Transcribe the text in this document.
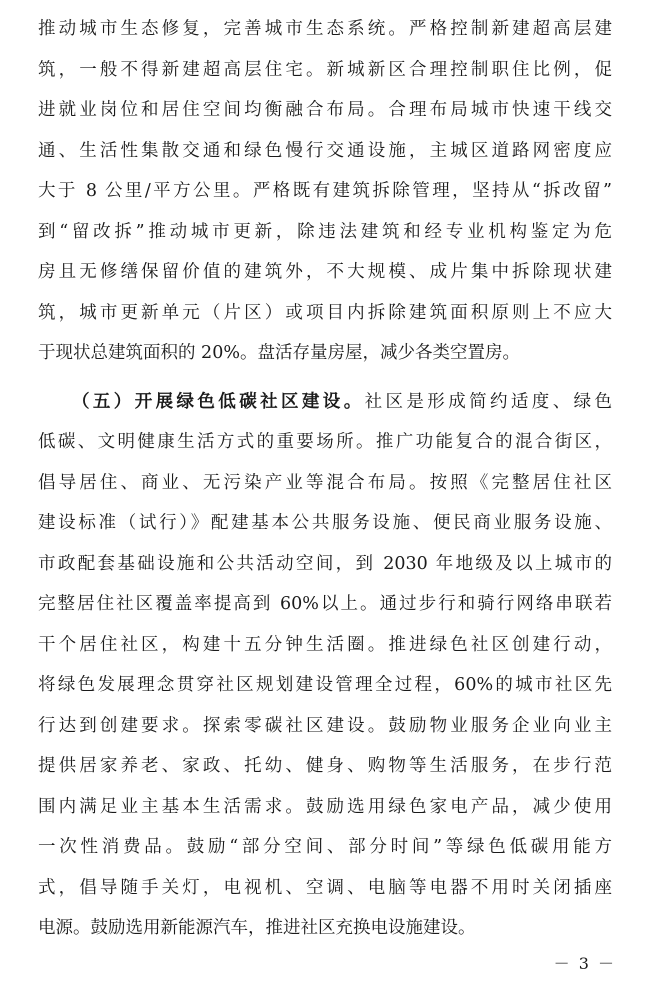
推动城市生态修复，完善城市生态系统。严格控制新建超高层建
筑，一般不得新建超高层住宅。新城新区合理控制职住比例，促
进就业岗位和居住空间均衡融合布局。合理布局城市快速干线交
通、生活性集散交通和绿色慢行交通设施，主城区道路网密度应
大于 8 公里/平方公里。严格既有建筑拆除管理，坚持从“拆改留”
到“留改拆”推动城市更新，除违法建筑和经专业机构鉴定为危
房且无修缮保留价值的建筑外，不大规模、成片集中拆除现状建
筑，城市更新单元（片区）或项目内拆除建筑面积原则上不应大
于现状总建筑面积的 20%。盘活存量房屋，减少各类空置房。
（五）开展绿色低碳社区建设。社区是形成简约适度、绿色
低碳、文明健康生活方式的重要场所。推广功能复合的混合街区，
倡导居住、商业、无污染产业等混合布局。按照《完整居住社区
建设标准（试行）》配建基本公共服务设施、便民商业服务设施、
市政配套基础设施和公共活动空间，到 2030 年地级及以上城市的
完整居住社区覆盖率提高到 60%以上。通过步行和骑行网络串联若
干个居住社区，构建十五分钟生活圈。推进绿色社区创建行动，
将绿色发展理念贯穿社区规划建设管理全过程，60%的城市社区先
行达到创建要求。探索零碳社区建设。鼓励物业服务企业向业主
提供居家养老、家政、托幼、健身、购物等生活服务，在步行范
围内满足业主基本生活需求。鼓励选用绿色家电产品，减少使用
一次性消费品。鼓励“部分空间、部分时间”等绿色低碳用能方
式，倡导随手关灯，电视机、空调、电脑等电器不用时关闭插座
电源。鼓励选用新能源汽车，推进社区充换电设施建设。
－ 3 －
